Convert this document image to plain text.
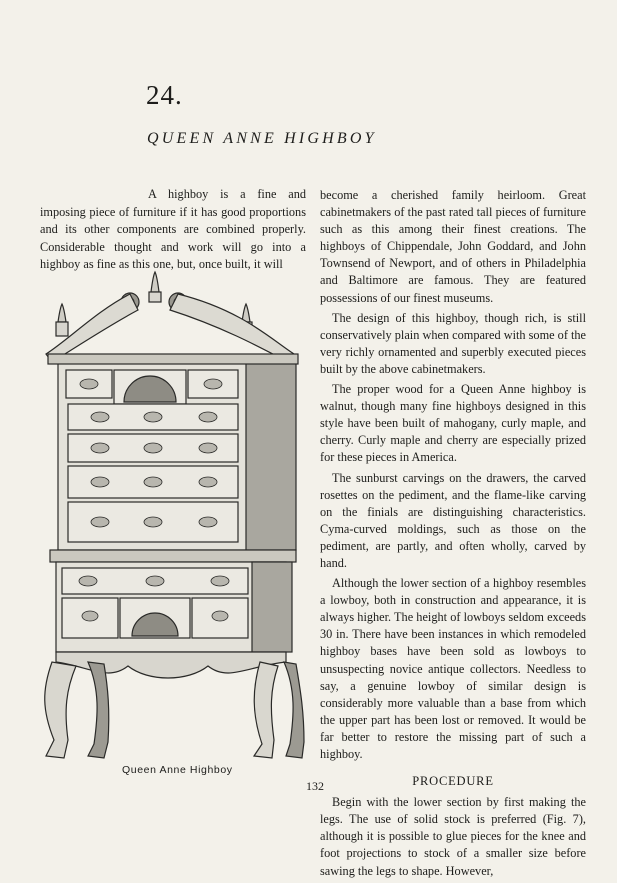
24.
QUEEN ANNE HIGHBOY

A highboy is a fine and imposing piece of furniture if it has good proportions and its other components are combined properly. Considerable thought and work will go into a highboy as fine as this one, but, once built, it will

become a cherished family heirloom. Great cabinetmakers of the past rated tall pieces of furniture such as this among their finest creations. The highboys of Chippendale, John Goddard, and John Townsend of Newport, and of others in Philadelphia and Baltimore are famous. They are featured possessions of our finest museums.

The design of this highboy, though rich, is still conservatively plain when compared with some of the very richly ornamented and superbly executed pieces built by the above cabinetmakers.

The proper wood for a Queen Anne highboy is walnut, though many fine highboys designed in this style have been built of mahogany, curly maple, and cherry. Curly maple and cherry are especially prized for these pieces in America.

The sunburst carvings on the drawers, the carved rosettes on the pediment, and the flame-like carving on the finials are distinguishing characteristics. Cyma-curved moldings, such as those on the pediment, are partly, and often wholly, carved by hand.

Although the lower section of a highboy resembles a lowboy, both in construction and appearance, it is always higher. The height of lowboys seldom exceeds 30 in. There have been instances in which remodeled highboy bases have been sold as lowboys to unsuspecting novice antique collectors. Needless to say, a genuine lowboy of similar design is considerably more valuable than a base from which the upper part has been lost or removed. It would be far better to restore the missing part of such a highboy.

PROCEDURE

Begin with the lower section by first making the legs. The use of solid stock is preferred (Fig. 7), although it is possible to glue pieces for the knee and foot projections to stock of a smaller size before sawing the legs to shape. However,

Queen Anne Highboy
132
